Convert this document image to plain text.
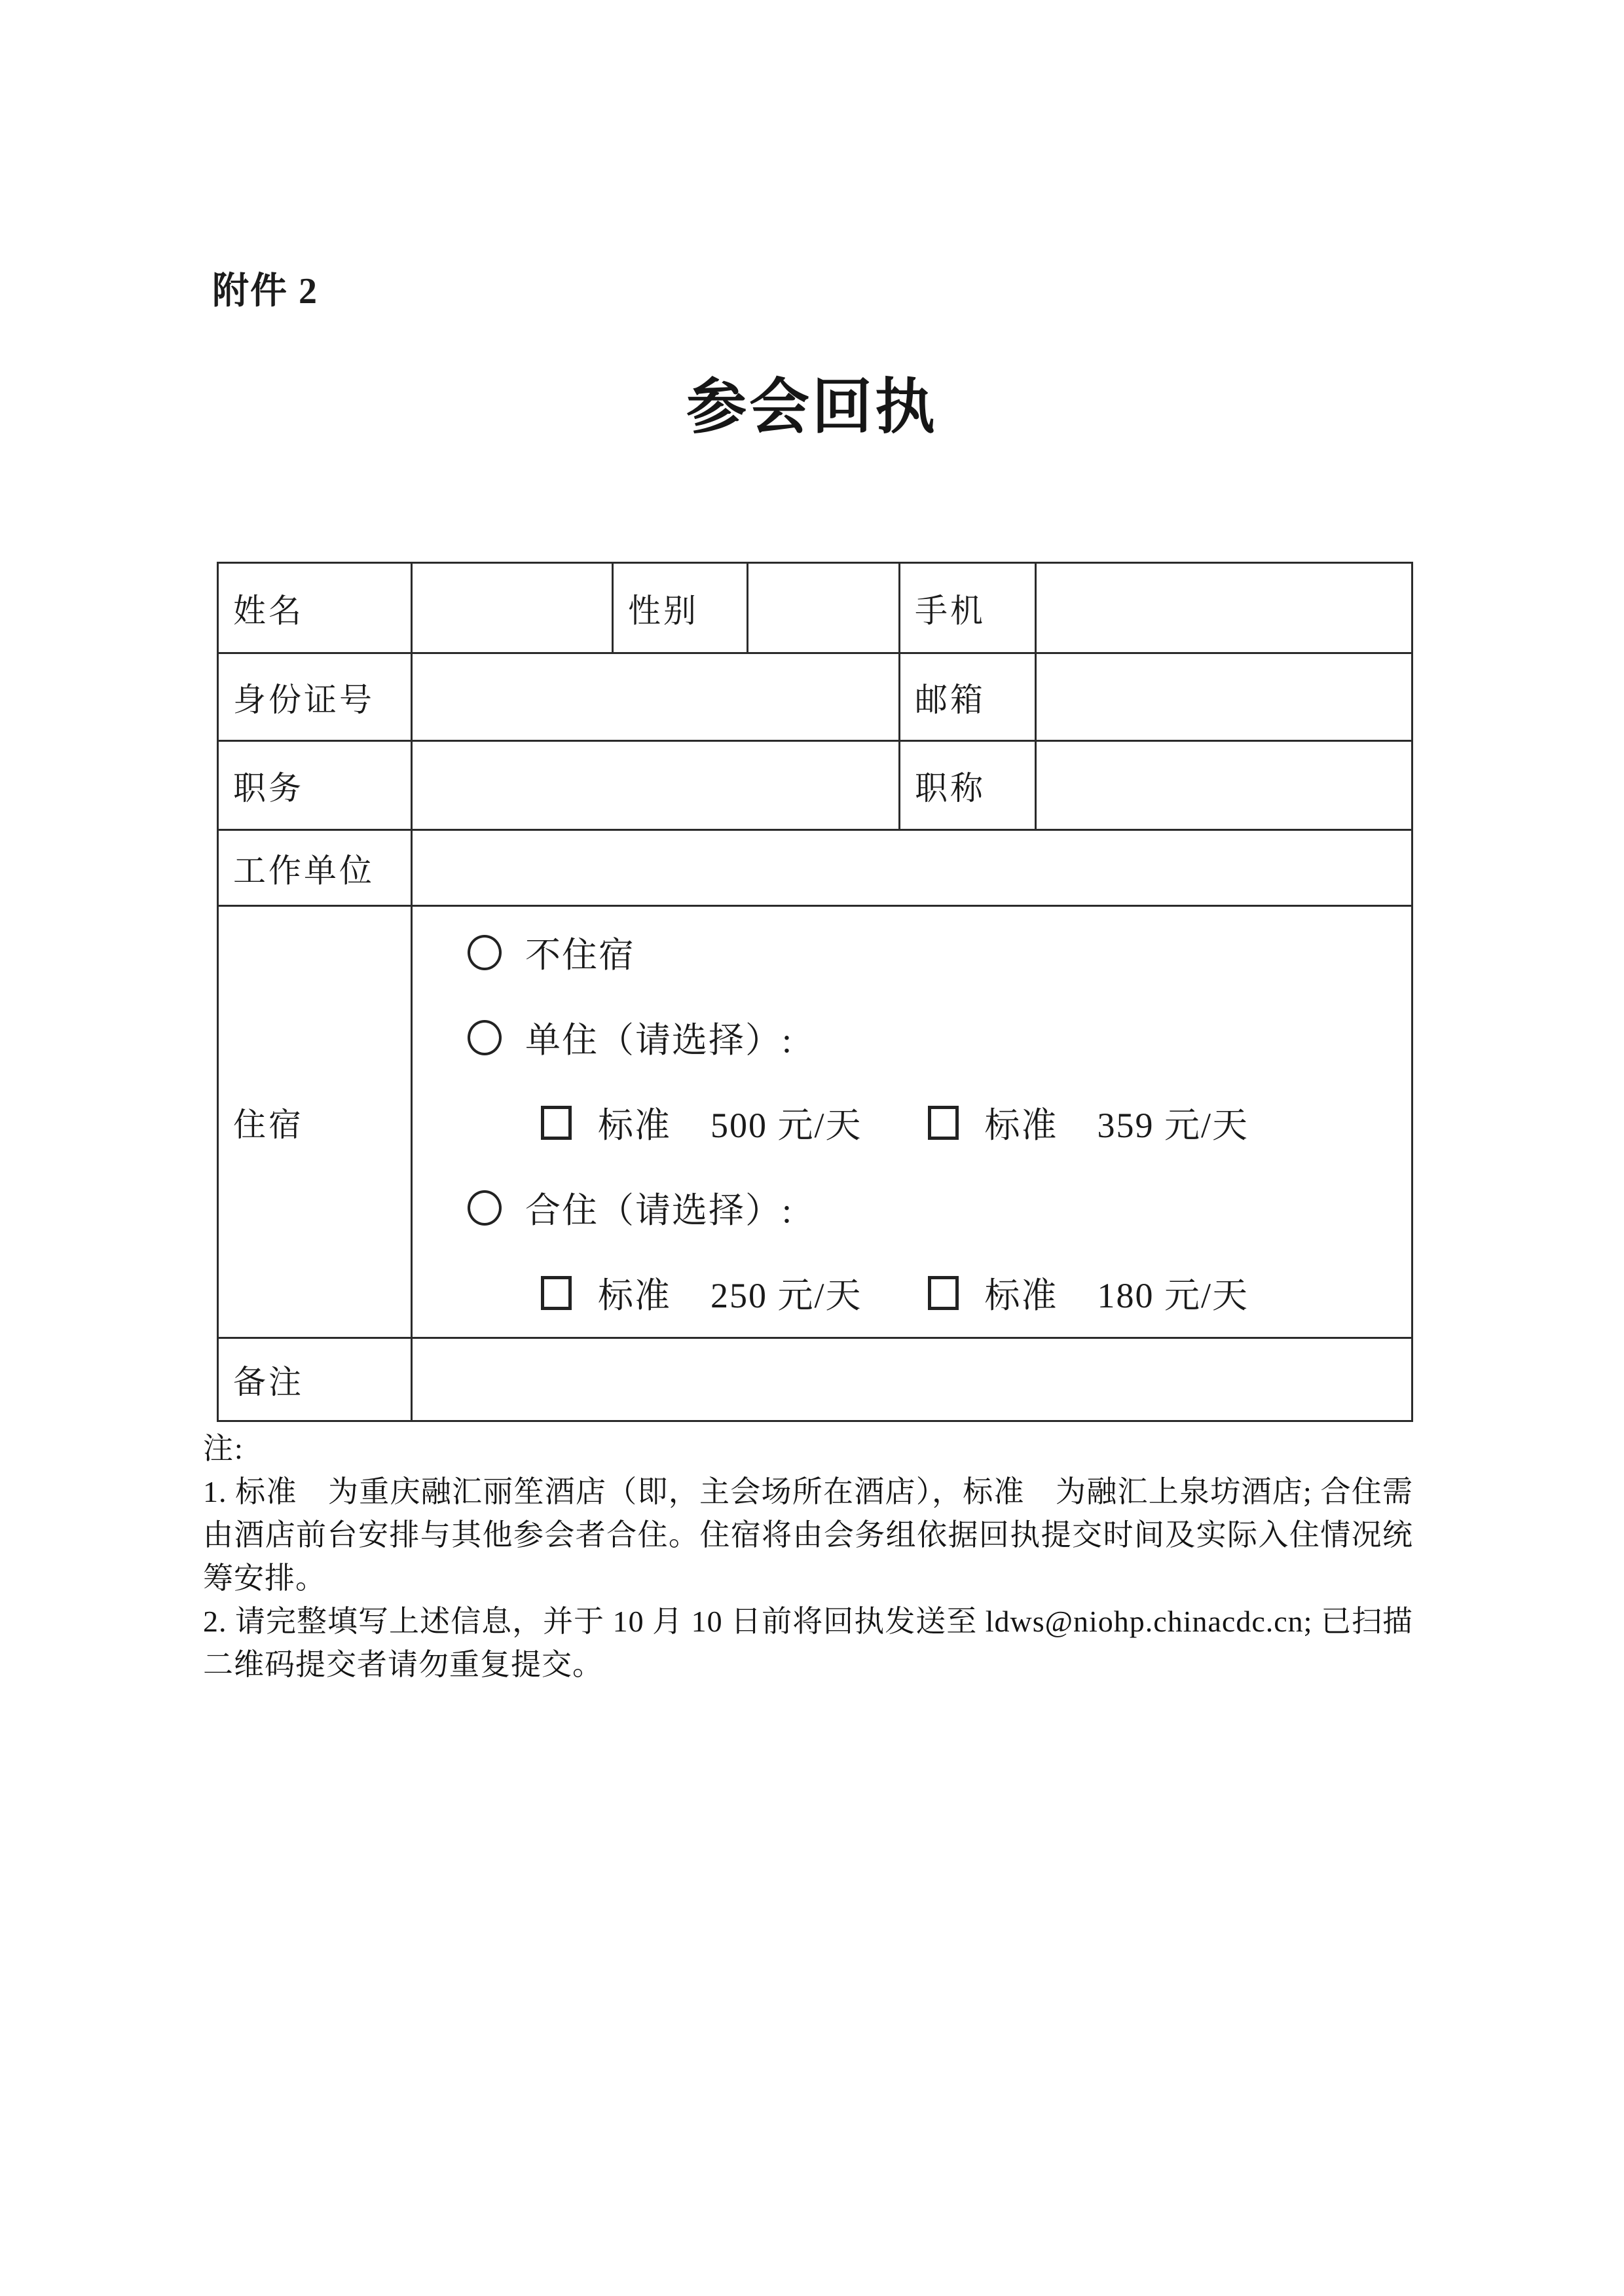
附件 2
参会回执
姓名		性别		手机	
身份证号				邮箱	
职务				职称	
工作单位					
住宿	
不住宿
单住（请选择）:
标准 500 元/天	标准 359 元/天
合住（请选择）:
标准 250 元/天	标准 180 元/天

备注					
注:

1. 标准　为重庆融汇丽笙酒店（即，主会场所在酒店），标准　为融汇上泉坊酒店; 合住需由酒店前台安排与其他参会者合住。住宿将由会务组依据回执提交时间及实际入住情况统筹安排。

2. 请完整填写上述信息，并于 10 月 10 日前将回执发送至 ldws@niohp.chinacdc.cn; 已扫描二维码提交者请勿重复提交。
